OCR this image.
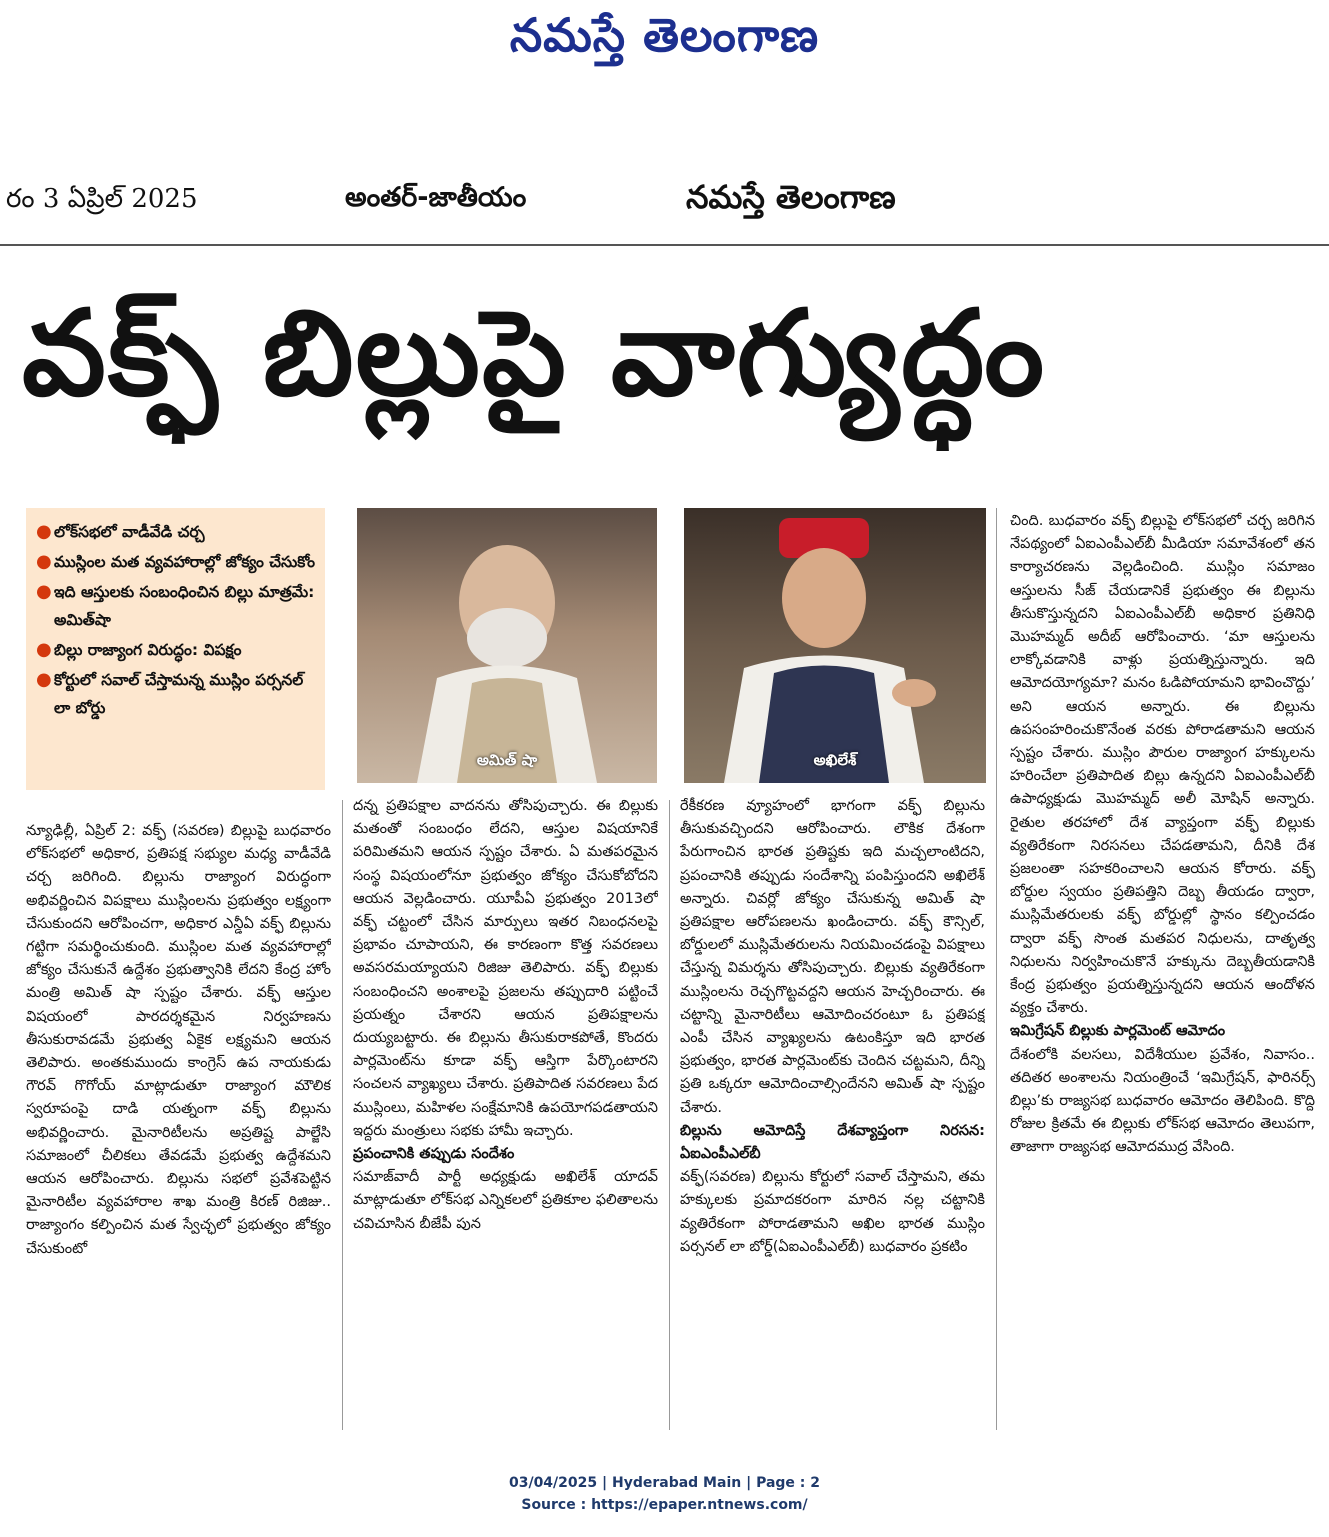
నమస్తే తెలంగాణ
రం 3 ఏప్రిల్ 2025	అంతర్-జాతీయం	నమస్తే తెలంగాణ
వక్ఫ్ బిల్లుపై వాగ్యుద్ధం
● లోక్‌సభలో వాడీవేడి చర్చ
● ముస్లింల మత వ్యవహారాల్లో జోక్యం చేసుకోం
● ఇది ఆస్తులకు సంబంధించిన బిల్లు మాత్రమే: అమిత్‌షా
● బిల్లు రాజ్యాంగ విరుద్ధం: విపక్షం
● కోర్టులో సవాల్ చేస్తామన్న ముస్లిం పర్సనల్ లా బోర్డు
అమిత్ షా	అఖిలేశ్

న్యూఢిల్లీ, ఏప్రిల్ 2: వక్ఫ్ (సవరణ) బిల్లుపై బుధవారం లోక్‌సభలో అధికార, ప్రతిపక్ష సభ్యుల మధ్య వాడీవేడి చర్చ జరిగింది. బిల్లును రాజ్యాంగ విరుద్ధంగా అభివర్ణించిన విపక్షాలు ముస్లింలను ప్రభుత్వం లక్ష్యంగా చేసుకుందని ఆరోపించగా, అధికార ఎన్డీఏ వక్ఫ్ బిల్లును గట్టిగా సమర్థించుకుంది. ముస్లింల మత వ్యవహారాల్లో జోక్యం చేసుకునే ఉద్దేశం ప్రభుత్వానికి లేదని కేంద్ర హోం మంత్రి అమిత్ షా స్పష్టం చేశారు. వక్ఫ్ ఆస్తుల విషయంలో పారదర్శకమైన నిర్వహణను తీసుకురావడమే ప్రభుత్వ ఏకైక లక్ష్యమని ఆయన తెలిపారు. అంతకుముందు కాంగ్రెస్ ఉప నాయకుడు గౌరవ్ గొగోయ్ మాట్లాడుతూ రాజ్యాంగ మౌలిక స్వరూపంపై దాడి యత్నంగా వక్ఫ్ బిల్లును అభివర్ణించారు. మైనారిటీలను అప్రతిష్ట పాల్జేసి సమాజంలో చీలికలు తేవడమే ప్రభుత్వ ఉద్దేశమని ఆయన ఆరోపించారు. బిల్లును సభలో ప్రవేశపెట్టిన మైనారిటీల వ్యవహారాల శాఖ మంత్రి కిరణ్ రిజిజు.. రాజ్యాంగం కల్పించిన మత స్వేచ్ఛలో ప్రభుత్వం జోక్యం చేసుకుంటో

దన్న ప్రతిపక్షాల వాదనను తోసిపుచ్చారు. ఈ బిల్లుకు మతంతో సంబంధం లేదని, ఆస్తుల విషయానికే పరిమితమని ఆయన స్పష్టం చేశారు. ఏ మతపరమైన సంస్థ విషయంలోనూ ప్రభుత్వం జోక్యం చేసుకోబోదని ఆయన వెల్లడించారు. యూపీఏ ప్రభుత్వం 2013లో వక్ఫ్ చట్టంలో చేసిన మార్పులు ఇతర నిబంధనలపై ప్రభావం చూపాయని, ఈ కారణంగా కొత్త సవరణలు అవసరమయ్యాయని రిజిజు తెలిపారు. వక్ఫ్ బిల్లుకు సంబంధించని అంశాలపై ప్రజలను తప్పుదారి పట్టించే ప్రయత్నం చేశారని ఆయన ప్రతిపక్షాలను దుయ్యబట్టారు. ఈ బిల్లును తీసుకురాకపోతే, కొందరు పార్లమెంట్‌ను కూడా వక్ఫ్ ఆస్తిగా పేర్కొంటారని సంచలన వ్యాఖ్యలు చేశారు. ప్రతిపాదిత సవరణలు పేద ముస్లింలు, మహిళల సంక్షేమానికి ఉపయోగపడతాయని ఇద్దరు మంత్రులు సభకు హామీ ఇచ్చారు.

ప్రపంచానికి తప్పుడు సందేశం

సమాజ్‌వాదీ పార్టీ అధ్యక్షుడు అఖిలేశ్ యాదవ్ మాట్లాడుతూ లోక్‌సభ ఎన్నికలలో ప్రతికూల ఫలితాలను చవిచూసిన బీజేపీ పున

రేకీకరణ వ్యూహంలో భాగంగా వక్ఫ్ బిల్లును తీసుకువచ్చిందని ఆరోపించారు. లౌకిక దేశంగా పేరుగాంచిన భారత ప్రతిష్టకు ఇది మచ్చలాంటిదని, ప్రపంచానికి తప్పుడు సందేశాన్ని పంపిస్తుందని అఖిలేశ్ అన్నారు. చివర్లో జోక్యం చేసుకున్న అమిత్ షా ప్రతిపక్షాల ఆరోపణలను ఖండించారు. వక్ఫ్ కౌన్సిల్, బోర్డులలో ముస్లిమేతరులను నియమించడంపై విపక్షాలు చేస్తున్న విమర్శను తోసిపుచ్చారు. బిల్లుకు వ్యతిరేకంగా ముస్లింలను రెచ్చగొట్టవద్దని ఆయన హెచ్చరించారు. ఈ చట్టాన్ని మైనారిటీలు ఆమోదించరంటూ ఓ ప్రతిపక్ష ఎంపీ చేసిన వ్యాఖ్యలను ఉటంకిస్తూ ఇది భారత ప్రభుత్వం, భారత పార్లమెంట్‌కు చెందిన చట్టమని, దీన్ని ప్రతి ఒక్కరూ ఆమోదించాల్సిందేనని అమిత్ షా స్పష్టం చేశారు.

బిల్లును ఆమోదిస్తే దేశవ్యాప్తంగా నిరసన: ఏఐఎంపీఎల్‌బీ

వక్ఫ్(సవరణ) బిల్లును కోర్టులో సవాల్ చేస్తామని, తమ హక్కులకు ప్రమాదకరంగా మారిన నల్ల చట్టానికి వ్యతిరేకంగా పోరాడతామని అఖిల భారత ముస్లిం పర్సనల్ లా బోర్డ్(ఏఐఎంపీఎల్‌బీ) బుధవారం ప్రకటిం

చింది. బుధవారం వక్ఫ్ బిల్లుపై లోక్‌సభలో చర్చ జరిగిన నేపథ్యంలో ఏఐఎంపీఎల్‌బీ మీడియా సమావేశంలో తన కార్యాచరణను వెల్లడించింది. ముస్లిం సమాజం ఆస్తులను సీజ్ చేయడానికే ప్రభుత్వం ఈ బిల్లును తీసుకొస్తున్నదని ఏఐఎంపీఎల్‌బీ అధికార ప్రతినిధి మొహమ్మద్ అదీబ్ ఆరోపించారు. ‘మా ఆస్తులను లాక్కోవడానికి వాళ్లు ప్రయత్నిస్తున్నారు. ఇది ఆమోదయోగ్యమా? మనం ఓడిపోయామని భావించొద్దు’ అని ఆయన అన్నారు. ఈ బిల్లును ఉపసంహరించుకొనేంత వరకు పోరాడతామని ఆయన స్పష్టం చేశారు. ముస్లిం పౌరుల రాజ్యాంగ హక్కులను హరించేలా ప్రతిపాదిత బిల్లు ఉన్నదని ఏఐఎంపీఎల్‌బీ ఉపాధ్యక్షుడు మొహమ్మద్ అలీ మోషిన్ అన్నారు. రైతుల తరహాలో దేశ వ్యాప్తంగా వక్ఫ్ బిల్లుకు వ్యతిరేకంగా నిరసనలు చేపడతామని, దీనికి దేశ ప్రజలంతా సహకరించాలని ఆయన కోరారు. వక్ఫ్ బోర్డుల స్వయం ప్రతిపత్తిని దెబ్బ తీయడం ద్వారా, ముస్లిమేతరులకు వక్ఫ్ బోర్డుల్లో స్థానం కల్పించడం ద్వారా వక్ఫ్ సొంత మతపర నిధులను, దాతృత్వ నిధులను నిర్వహించుకొనే హక్కును దెబ్బతీయడానికి కేంద్ర ప్రభుత్వం ప్రయత్నిస్తున్నదని ఆయన ఆందోళన వ్యక్తం చేశారు.

ఇమిగ్రేషన్ బిల్లుకు పార్లమెంట్ ఆమోదం

దేశంలోకి వలసలు, విదేశీయుల ప్రవేశం, నివాసం.. తదితర అంశాలను నియంత్రించే ‘ఇమిగ్రేషన్, ఫారినర్స్ బిల్లు’కు రాజ్యసభ బుధవారం ఆమోదం తెలిపింది. కొద్ది రోజుల క్రితమే ఈ బిల్లుకు లోక్‌సభ ఆమోదం తెలుపగా, తాజాగా రాజ్యసభ ఆమోదముద్ర వేసింది.

03/04/2025 | Hyderabad Main | Page : 2
Source : https://epaper.ntnews.com/
